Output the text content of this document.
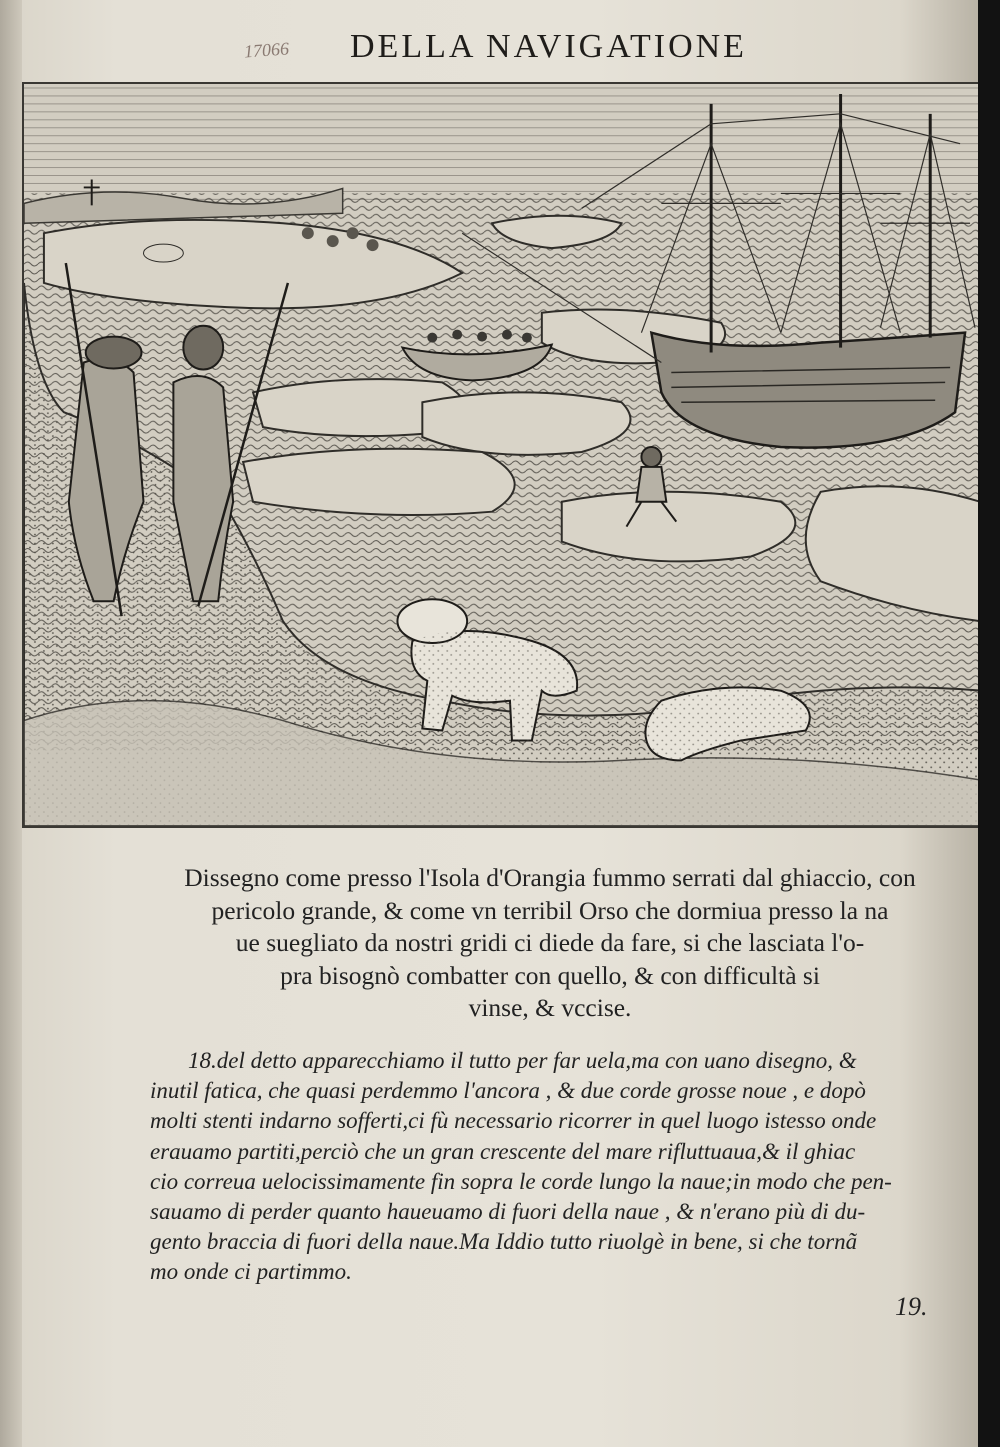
17066 DELLA NAVIGATIONE
Dissegno come presso l'Isola d'Orangia fummo serrati dal ghiaccio, con
pericolo grande, & come vn terribil Orso che dormiua presso la na
ue suegliato da nostri gridi ci diede da fare, si che lasciata l'o-
pra bisognò combatter con quello, & con difficultà si
vinse, & vccise.
18.del detto apparecchiamo il tutto per far uela,ma con uano disegno, &
inutil fatica, che quasi perdemmo l'ancora , & due corde grosse noue , e dopò
molti stenti indarno sofferti,ci fù necessario ricorrer in quel luogo istesso onde
erauamo partiti,perciò che un gran crescente del mare rifluttuaua,& il ghiac
cio correua uelocissimamente fin sopra le corde lungo la naue;in modo che pen-
sauamo di perder quanto haueuamo di fuori della naue , & n'erano più di du-
gento braccia di fuori della naue.Ma Iddio tutto riuolgè in bene, si che tornã
mo onde ci partimmo.
19.
